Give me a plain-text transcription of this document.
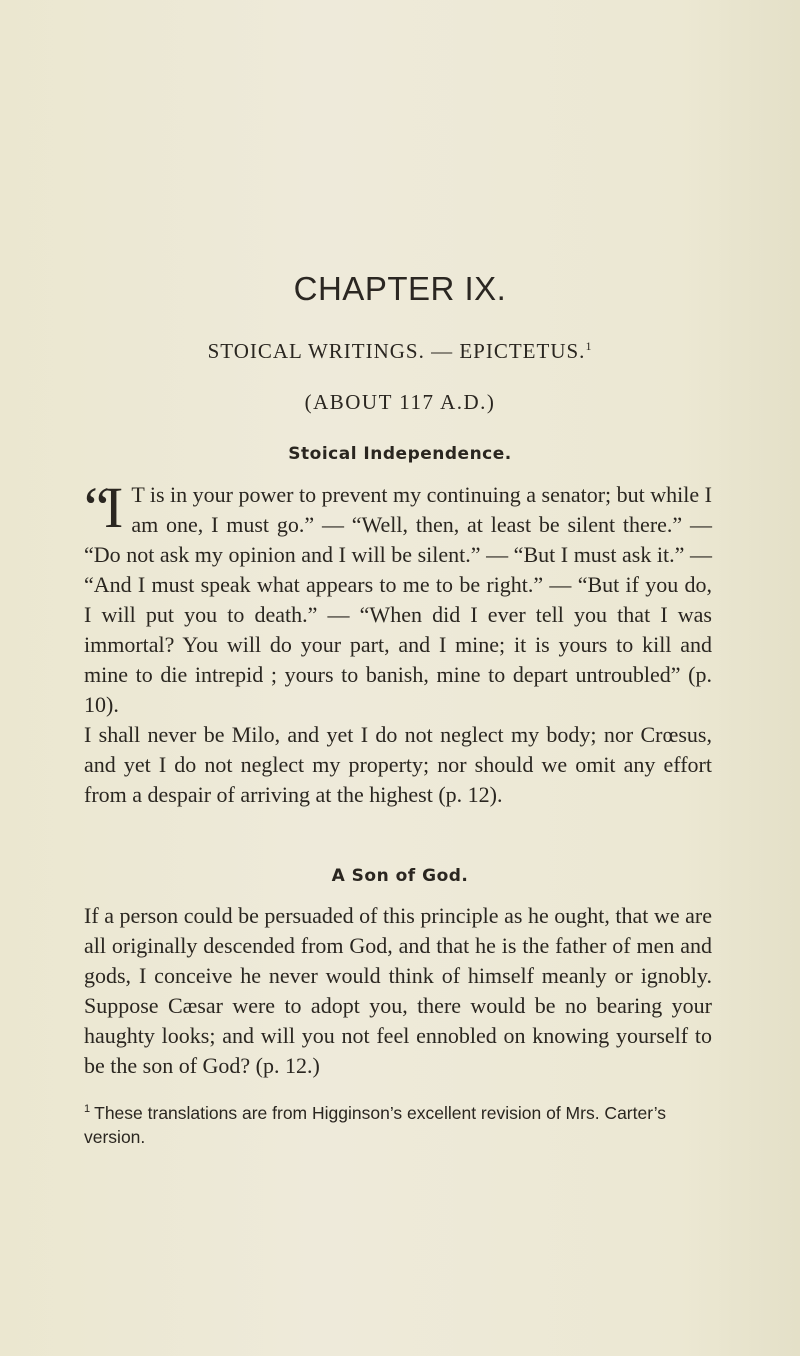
CHAPTER IX.
STOICAL WRITINGS. — EPICTETUS.$^1$
(ABOUT 117 A.D.)
Stoical Independence.

“I T is in your power to prevent my continuing a senator; but while I am one, I must go.” — “Well, then, at least be silent there.” — “Do not ask my opinion and I will be silent.” — “But I must ask it.” — “And I must speak what appears to me to be right.” — “But if you do, I will put you to death.” — “When did I ever tell you that I was immortal? You will do your part, and I mine; it is yours to kill and mine to die intrepid ; yours to banish, mine to depart untroubled” (p. 10).

I shall never be Milo, and yet I do not neglect my body; nor Crœsus, and yet I do not neglect my property; nor should we omit any effort from a despair of arriving at the highest (p. 12).

A Son of God.

If a person could be persuaded of this principle as he ought, that we are all originally descended from God, and that he is the father of men and gods, I conceive he never would think of himself meanly or ignobly. Suppose Cæsar were to adopt you, there would be no bearing your haughty looks; and will you not feel ennobled on knowing yourself to be the son of God? (p. 12.)

$^1$ These translations are from Higginson’s excellent revision of Mrs. Carter’s version.
